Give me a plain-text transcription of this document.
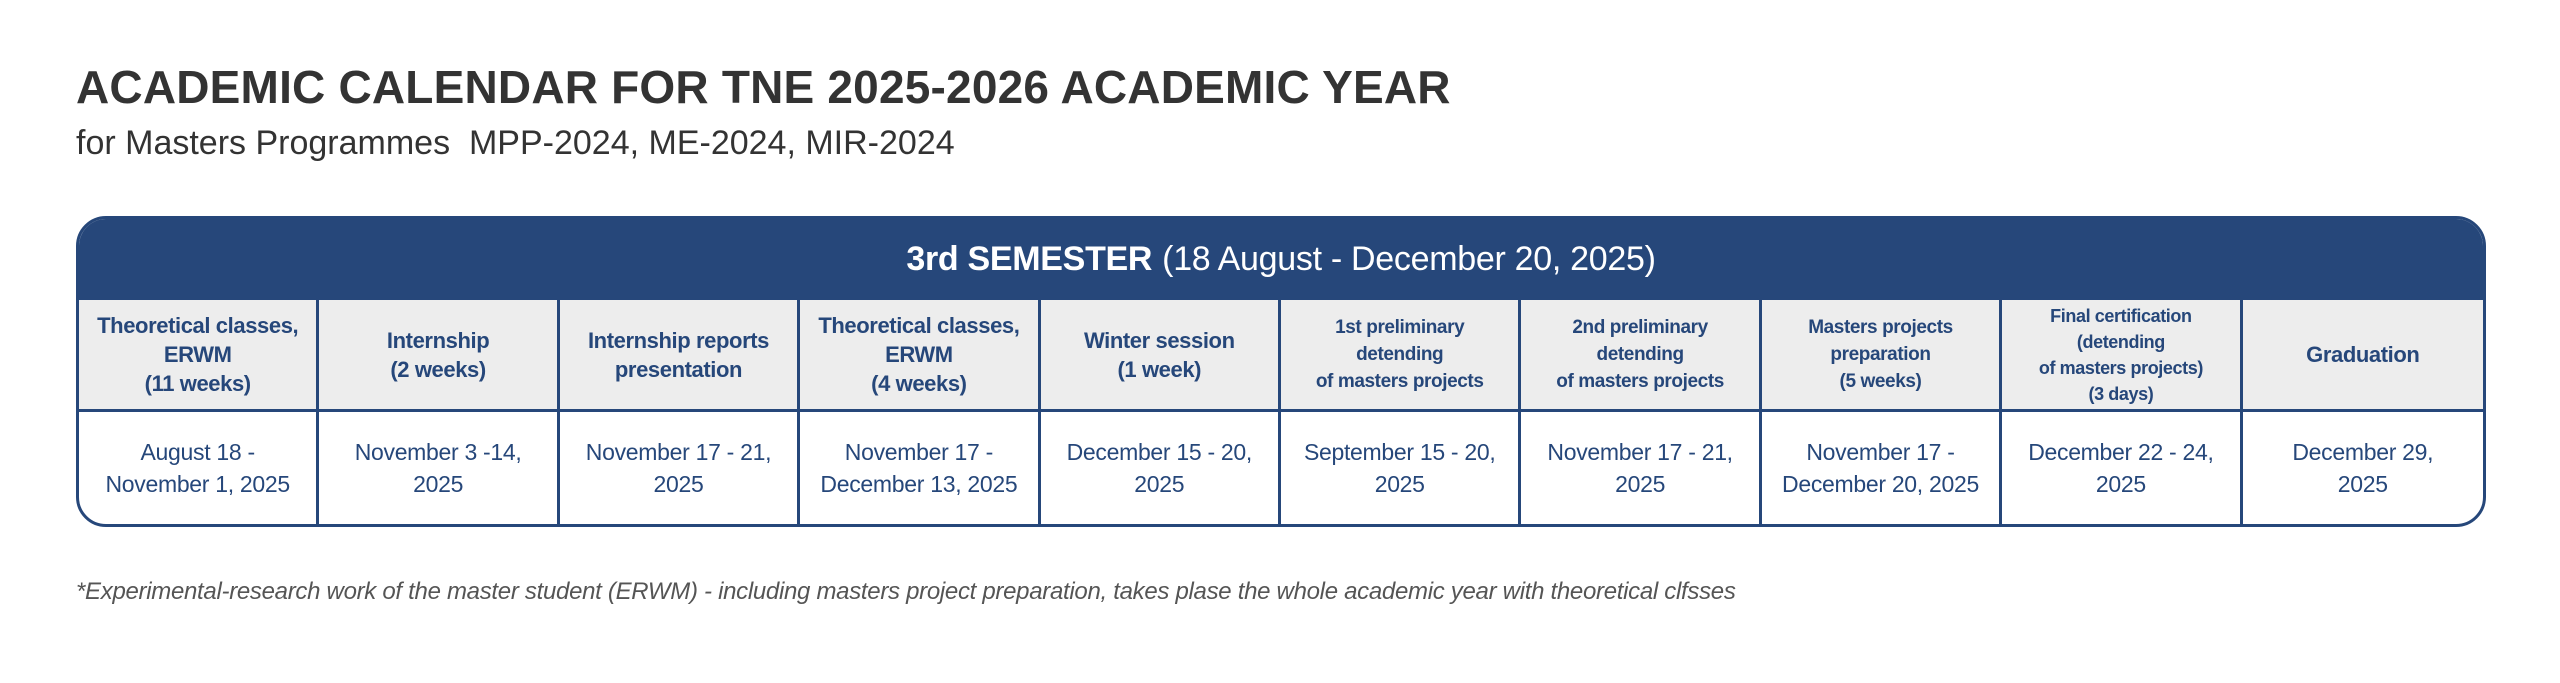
ACADEMIC CALENDAR FOR TNE 2025-2026 ACADEMIC YEAR
for Masters Programmes  MPP-2024, ME-2024, MIR-2024
3rd SEMESTER (18 August - December 20, 2025)
Theoretical classes,
ERWM
(11 weeks)
Internship
(2 weeks)
Internship reports
presentation
Theoretical classes,
ERWM
(4 weeks)
Winter session
(1 week)
1st preliminary
detending
of masters projects
2nd preliminary
detending
of masters projects
Masters projects
preparation
(5 weeks)
Final certification
(detending
of masters projects)
(3 days)
Graduation
August 18 -
November 1, 2025
November 3 -14,
2025
November 17 - 21,
2025
November 17 -
December 13, 2025
December 15 - 20,
2025
September 15 - 20,
2025
November 17 - 21,
2025
November 17 -
December 20, 2025
December 22 - 24,
2025
December 29,
2025
*Experimental-research work of the master student (ERWM) - including masters project preparation, takes plase the whole academic year with theoretical clfsses
